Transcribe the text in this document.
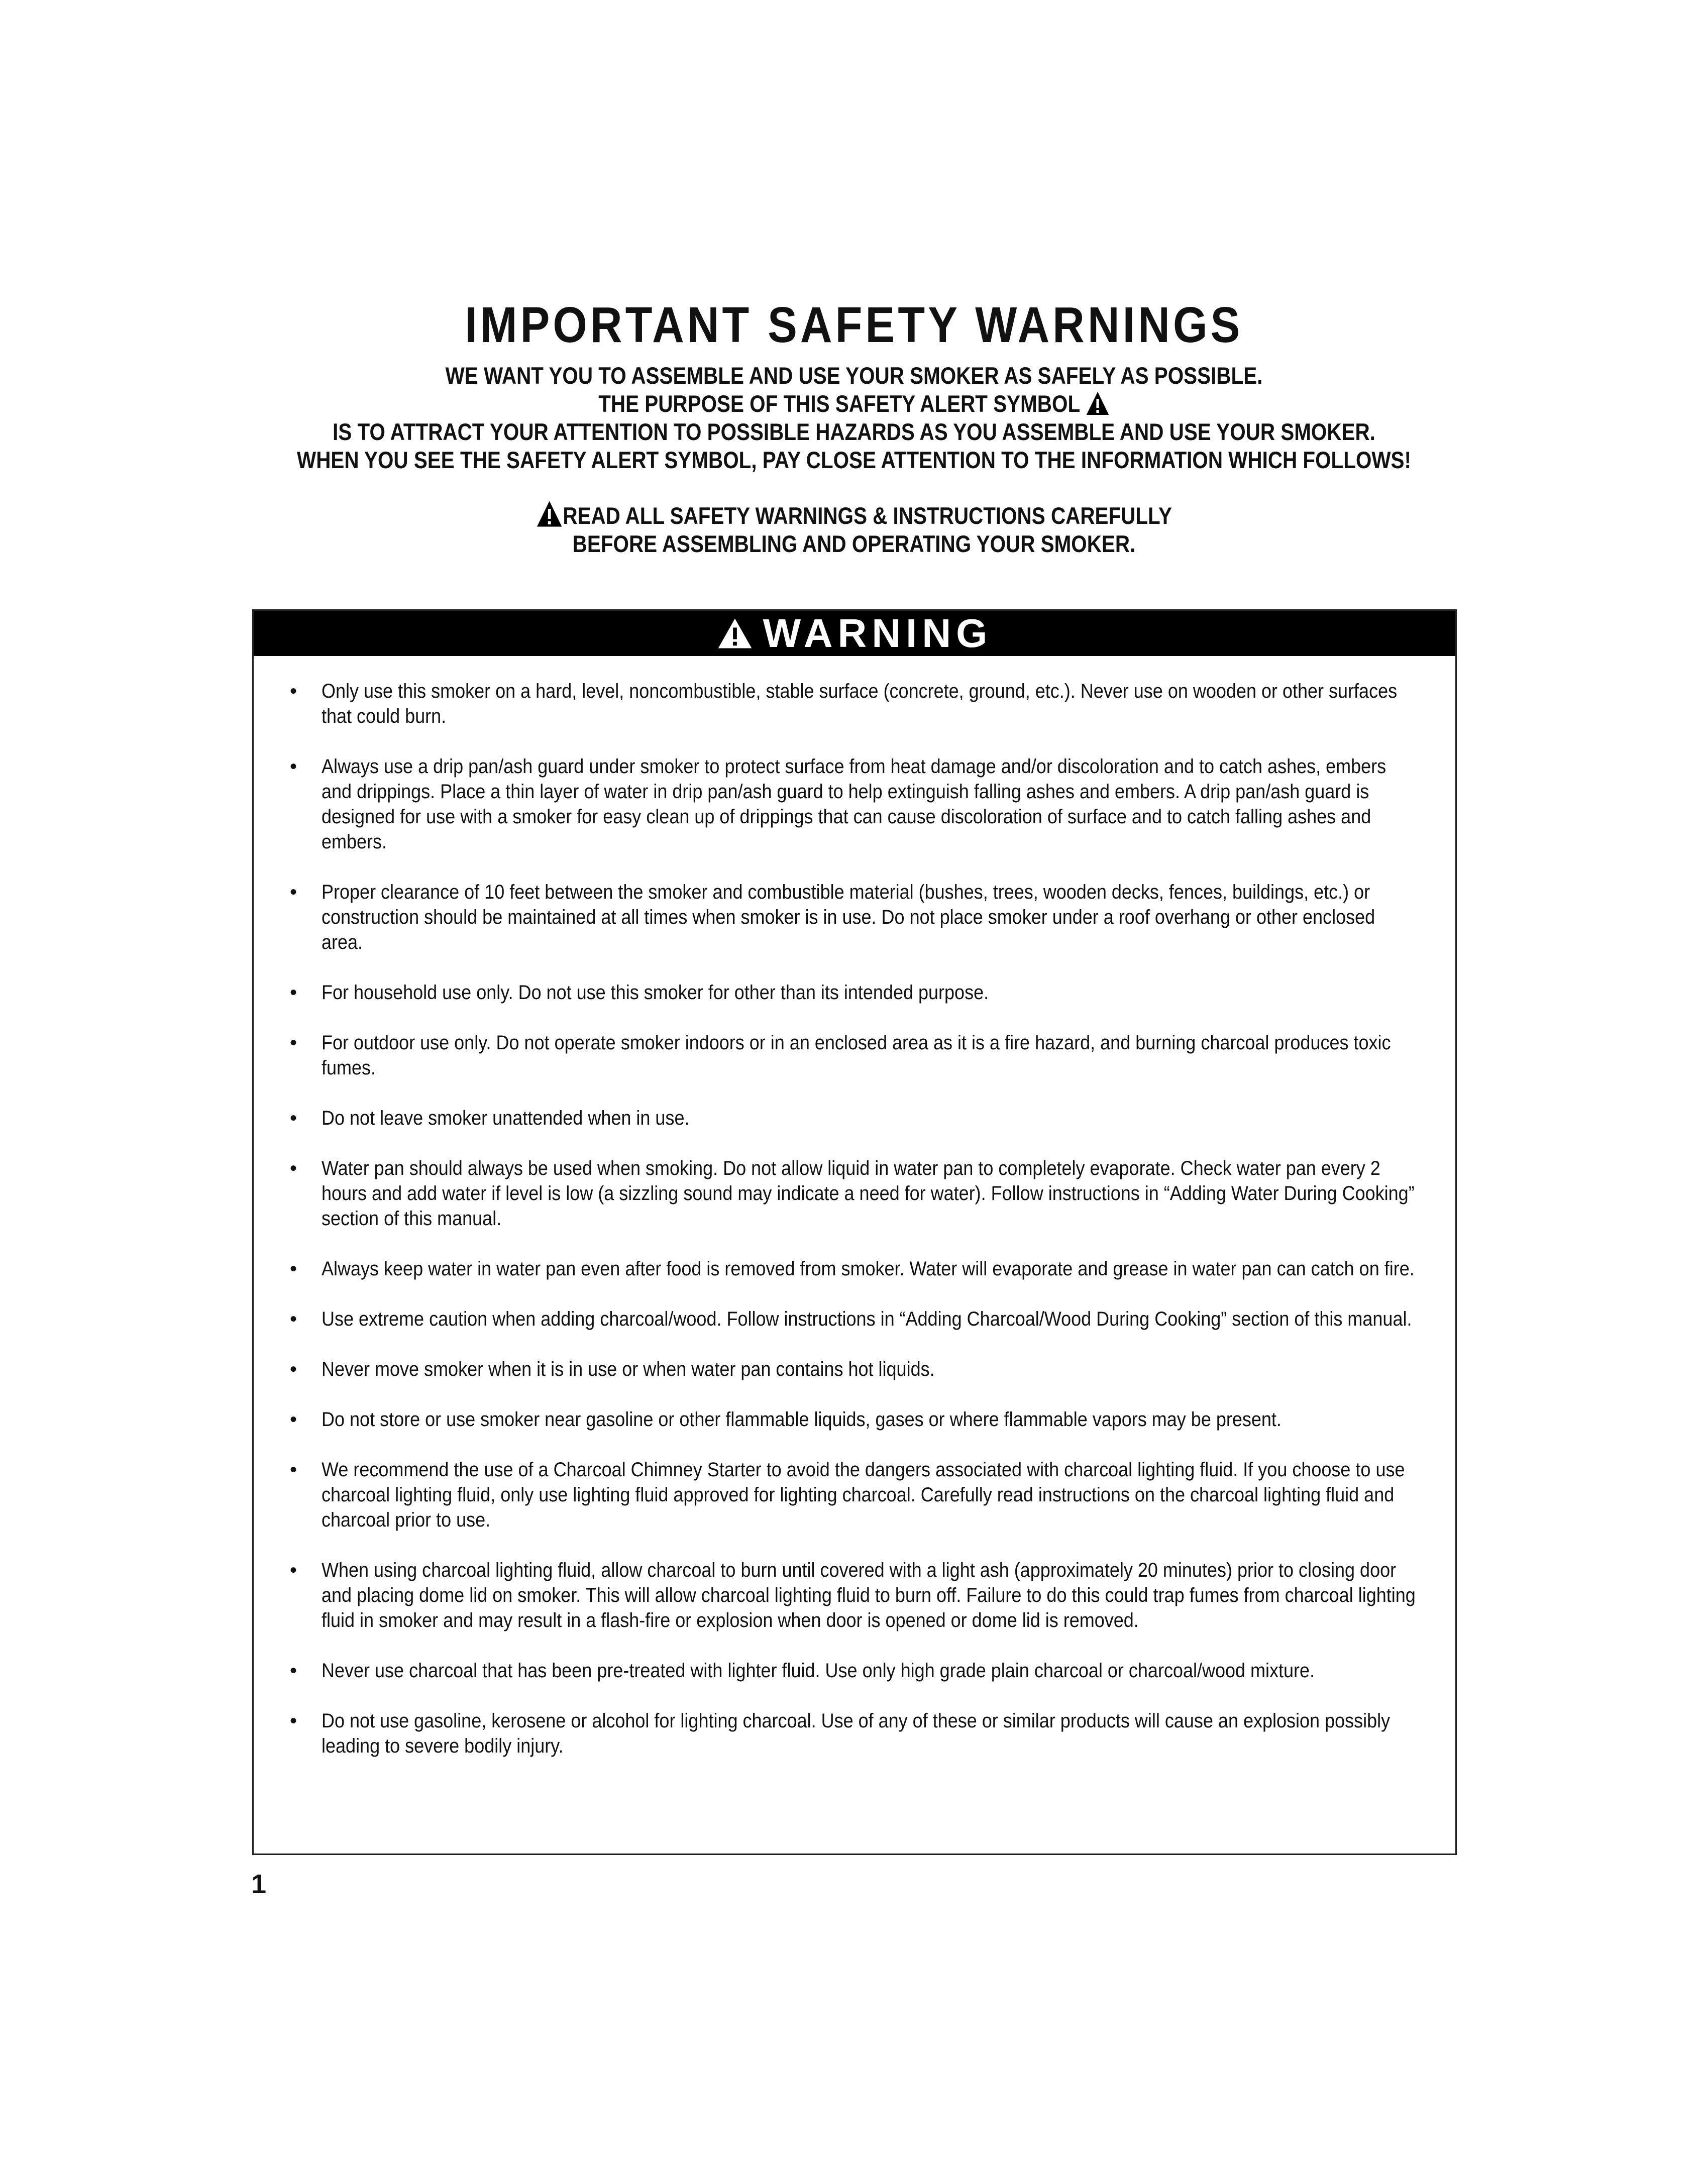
IMPORTANT SAFETY WARNINGS
WE WANT YOU TO ASSEMBLE AND USE YOUR SMOKER AS SAFELY AS POSSIBLE.
THE PURPOSE OF THIS SAFETY ALERT SYMBOL
IS TO ATTRACT YOUR ATTENTION TO POSSIBLE HAZARDS AS YOU ASSEMBLE AND USE YOUR SMOKER.
WHEN YOU SEE THE SAFETY ALERT SYMBOL, PAY CLOSE ATTENTION TO THE INFORMATION WHICH FOLLOWS!
READ ALL SAFETY WARNINGS & INSTRUCTIONS CAREFULLY
BEFORE ASSEMBLING AND OPERATING YOUR SMOKER.
WARNING
• Only use this smoker on a hard, level, noncombustible, stable surface (concrete, ground, etc.). Never use on wooden or other surfaces that could burn.
• Always use a drip pan/ash guard under smoker to protect surface from heat damage and/or discoloration and to catch ashes, embers and drippings. Place a thin layer of water in drip pan/ash guard to help extinguish falling ashes and embers. A drip pan/ash guard is designed for use with a smoker for easy clean up of drippings that can cause discoloration of surface and to catch falling ashes and embers.
• Proper clearance of 10 feet between the smoker and combustible material (bushes, trees, wooden decks, fences, buildings, etc.) or construction should be maintained at all times when smoker is in use. Do not place smoker under a roof overhang or other enclosed area.
• For household use only. Do not use this smoker for other than its intended purpose.
• For outdoor use only. Do not operate smoker indoors or in an enclosed area as it is a fire hazard, and burning charcoal produces toxic fumes.
• Do not leave smoker unattended when in use.
• Water pan should always be used when smoking. Do not allow liquid in water pan to completely evaporate. Check water pan every 2 hours and add water if level is low (a sizzling sound may indicate a need for water). Follow instructions in “Adding Water During Cooking” section of this manual.
• Always keep water in water pan even after food is removed from smoker. Water will evaporate and grease in water pan can catch on fire.
• Use extreme caution when adding charcoal/wood. Follow instructions in “Adding Charcoal/Wood During Cooking” section of this manual.
• Never move smoker when it is in use or when water pan contains hot liquids.
• Do not store or use smoker near gasoline or other flammable liquids, gases or where flammable vapors may be present.
• We recommend the use of a Charcoal Chimney Starter to avoid the dangers associated with charcoal lighting fluid. If you choose to use charcoal lighting fluid, only use lighting fluid approved for lighting charcoal. Carefully read instructions on the charcoal lighting fluid and charcoal prior to use.
• When using charcoal lighting fluid, allow charcoal to burn until covered with a light ash (approximately 20 minutes) prior to closing door and placing dome lid on smoker. This will allow charcoal lighting fluid to burn off. Failure to do this could trap fumes from charcoal lighting fluid in smoker and may result in a flash-fire or explosion when door is opened or dome lid is removed.
• Never use charcoal that has been pre-treated with lighter fluid. Use only high grade plain charcoal or charcoal/wood mixture.
• Do not use gasoline, kerosene or alcohol for lighting charcoal. Use of any of these or similar products will cause an explosion possibly leading to severe bodily injury.
1
